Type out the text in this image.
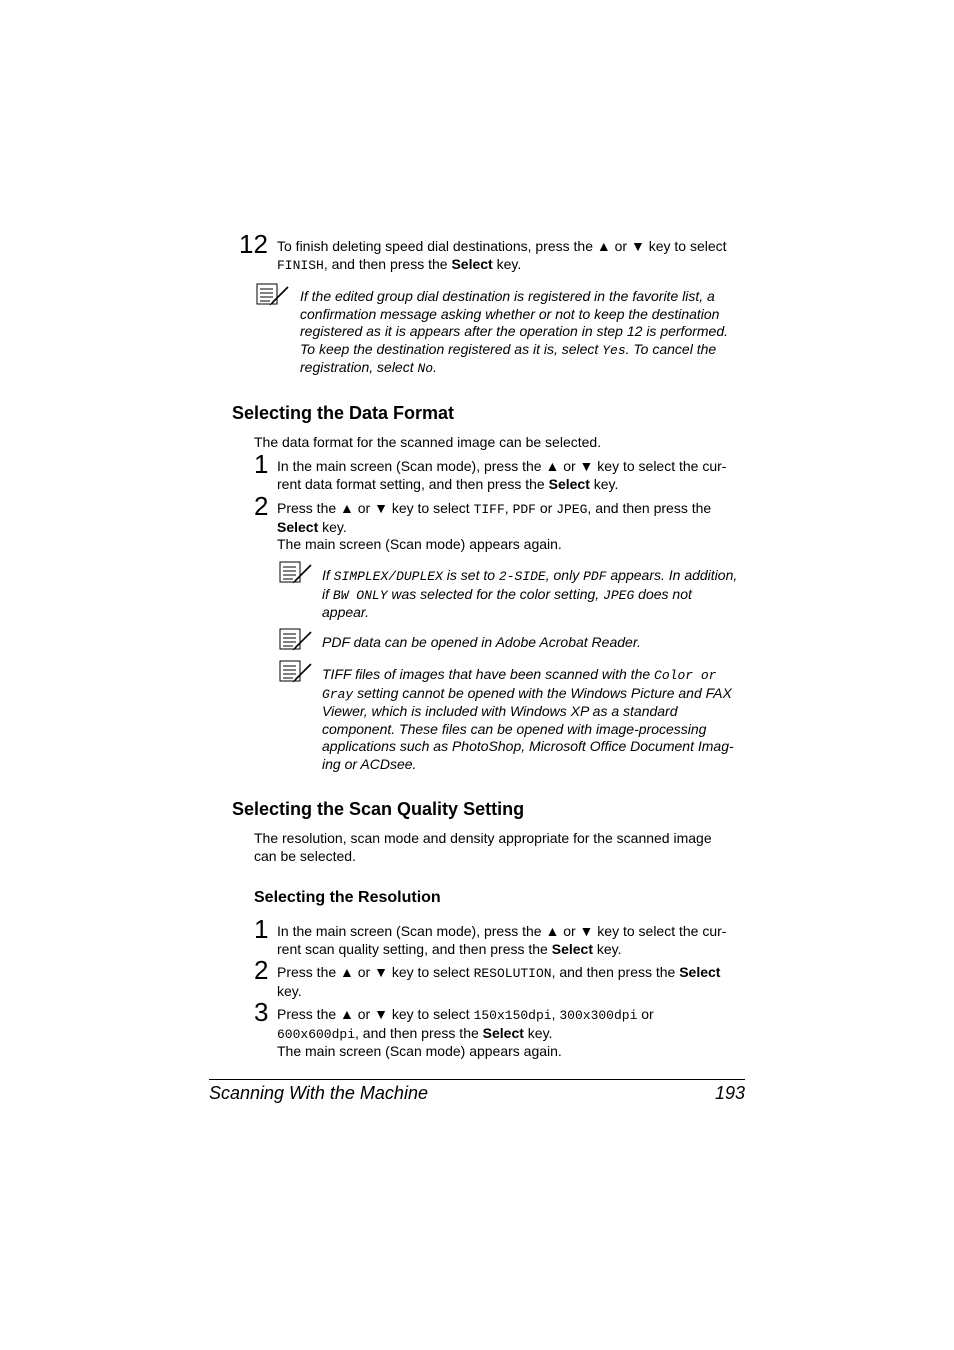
12 To finish deleting speed dial destinations, press the ▲ or ▼ key to select
FINISH, and then press the Select key.
If the edited group dial destination is registered in the favorite list, a confirmation message asking whether or not to keep the destination registered as it is appears after the operation in step 12 is performed. To keep the destination registered as it is, select Yes. To cancel the registration, select No.
Selecting the Data Format
The data format for the scanned image can be selected.
1 In the main screen (Scan mode), press the ▲ or ▼ key to select the cur-rent data format setting, and then press the Select key.
2 Press the ▲ or ▼ key to select TIFF, PDF or JPEG, and then press the Select key.
The main screen (Scan mode) appears again.
If SIMPLEX/DUPLEX is set to 2-SIDE, only PDF appears. In addition, if BW ONLY was selected for the color setting, JPEG does not appear.
PDF data can be opened in Adobe Acrobat Reader.
TIFF files of images that have been scanned with the Color or Gray setting cannot be opened with the Windows Picture and FAX Viewer, which is included with Windows XP as a standard component. These files can be opened with image-processing applications such as PhotoShop, Microsoft Office Document Imag-ing or ACDsee.
Selecting the Scan Quality Setting
The resolution, scan mode and density appropriate for the scanned image can be selected.
Selecting the Resolution
1 In the main screen (Scan mode), press the ▲ or ▼ key to select the cur-rent scan quality setting, and then press the Select key.
2 Press the ▲ or ▼ key to select RESOLUTION, and then press the Select key.
3 Press the ▲ or ▼ key to select 150x150dpi, 300x300dpi or 600x600dpi, and then press the Select key.
The main screen (Scan mode) appears again.
Scanning With the Machine	193
